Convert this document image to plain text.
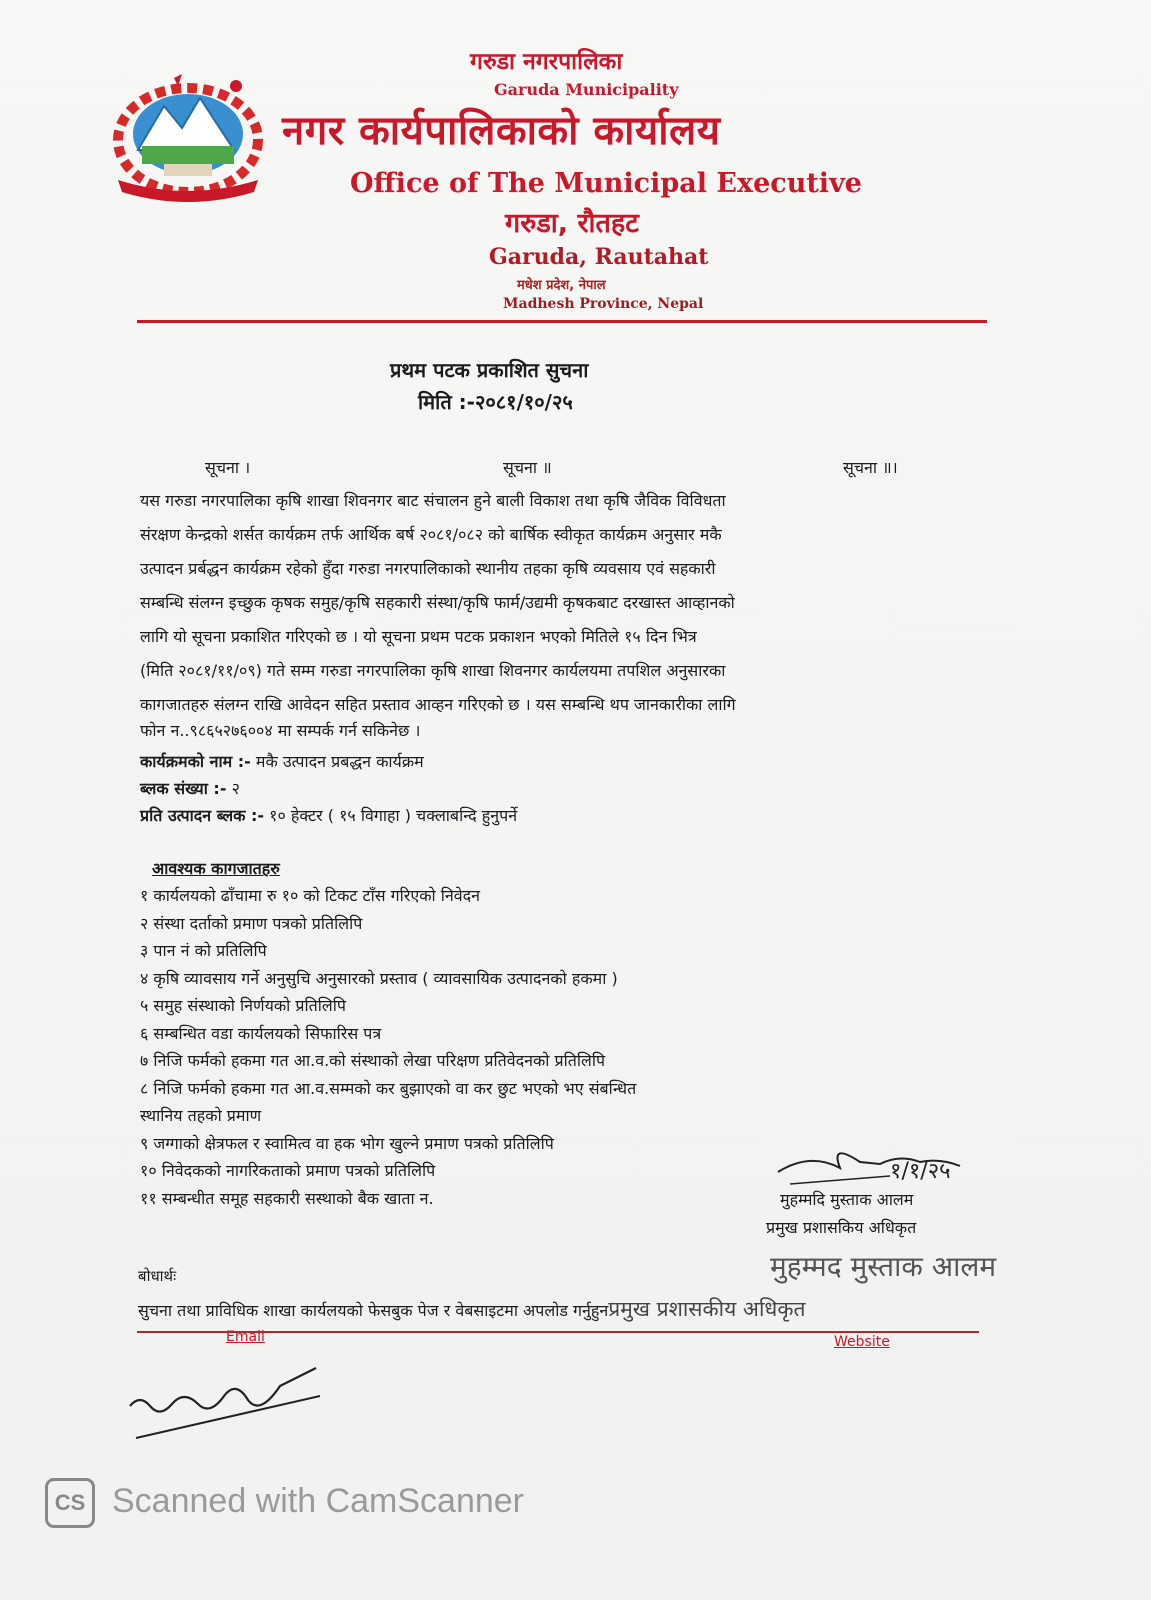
गरुडा नगरपालिका
Garuda Municipality
नगर कार्यपालिकाको कार्यालय
Office of The Municipal Executive
गरुडा, रौतहट
Garuda, Rautahat
मधेश प्रदेश, नेपाल
Madhesh Province, Nepal
प्रथम पटक प्रकाशित सुचना
मिति :-२०८१/१०/२५
सूचना ।	सूचना ॥	सूचना ॥।
यस गरुडा नगरपालिका कृषि शाखा शिवनगर बाट संचालन हुने बाली विकाश तथा कृषि जैविक विविधता
संरक्षण केन्द्रको शर्सत कार्यक्रम तर्फ आर्थिक बर्ष २०८१/०८२ को बार्षिक स्वीकृत कार्यक्रम अनुसार मकै
उत्पादन प्रर्बद्धन कार्यक्रम रहेको हुँदा गरुडा नगरपालिकाको स्थानीय तहका कृषि व्यवसाय एवं सहकारी
सम्बन्धि संलग्न इच्छुक कृषक समुह/कृषि सहकारी संस्था/कृषि फार्म/उद्यमी कृषकबाट दरखास्त आव्हानको
लागि यो सूचना प्रकाशित गरिएको छ । यो सूचना प्रथम पटक प्रकाशन भएको मितिले १५ दिन भित्र
(मिति २०८१/११/०९) गते सम्म गरुडा नगरपालिका कृषि शाखा शिवनगर कार्यलयमा तपशिल अनुसारका
कागजातहरु संलग्न राखि आवेदन सहित प्रस्ताव आव्हन गरिएको छ । यस सम्बन्धि थप जानकारीका लागि
फोन न..९८६५२७६००४ मा सम्पर्क गर्न सकिनेछ ।
कार्यक्रमको नाम :- मकै उत्पादन प्रबद्धन कार्यक्रम
ब्लक संख्या :- २
प्रति उत्पादन ब्लक :- १० हेक्टर ( १५ विगाहा ) चक्लाबन्दि हुनुपर्ने
आवश्यक कागजातहरु
१ कार्यलयको ढाँचामा रु १० को टिकट टाँस गरिएको निवेदन
२ संस्था दर्ताको प्रमाण पत्रको प्रतिलिपि
३ पान नं को प्रतिलिपि
४ कृषि व्यावसाय गर्ने अनुसुचि अनुसारको प्रस्ताव ( व्यावसायिक उत्पादनको हकमा )
५ समुह संस्थाको निर्णयको प्रतिलिपि
६ सम्बन्धित वडा कार्यलयको सिफारिस पत्र
७ निजि फर्मको हकमा गत आ.व.को संस्थाको लेखा परिक्षण प्रतिवेदनको प्रतिलिपि
८ निजि फर्मको हकमा गत आ.व.सम्मको कर बुझाएको वा कर छुट भएको भए संबन्धित
स्थानिय तहको प्रमाण
९ जग्गाको क्षेत्रफल र स्वामित्व वा हक भोग खुल्ने प्रमाण पत्रको प्रतिलिपि
१० निवेदकको नागरिकताको प्रमाण पत्रको प्रतिलिपि
११ सम्बन्धीत समूह सहकारी सस्थाको बैक खाता न.
१/१/२५
मुहम्मदि मुस्ताक आलम
प्रमुख प्रशासकिय अधिकृत
मुहम्मद मुस्ताक आलम
बोधार्थः
सुचना तथा प्राविधिक शाखा कार्यलयको फेसबुक पेज र वेबसाइटमा अपलोड गर्नुहुनप्रमुख प्रशासकीय अधिकृत
Email	Website
CS Scanned with CamScanner
